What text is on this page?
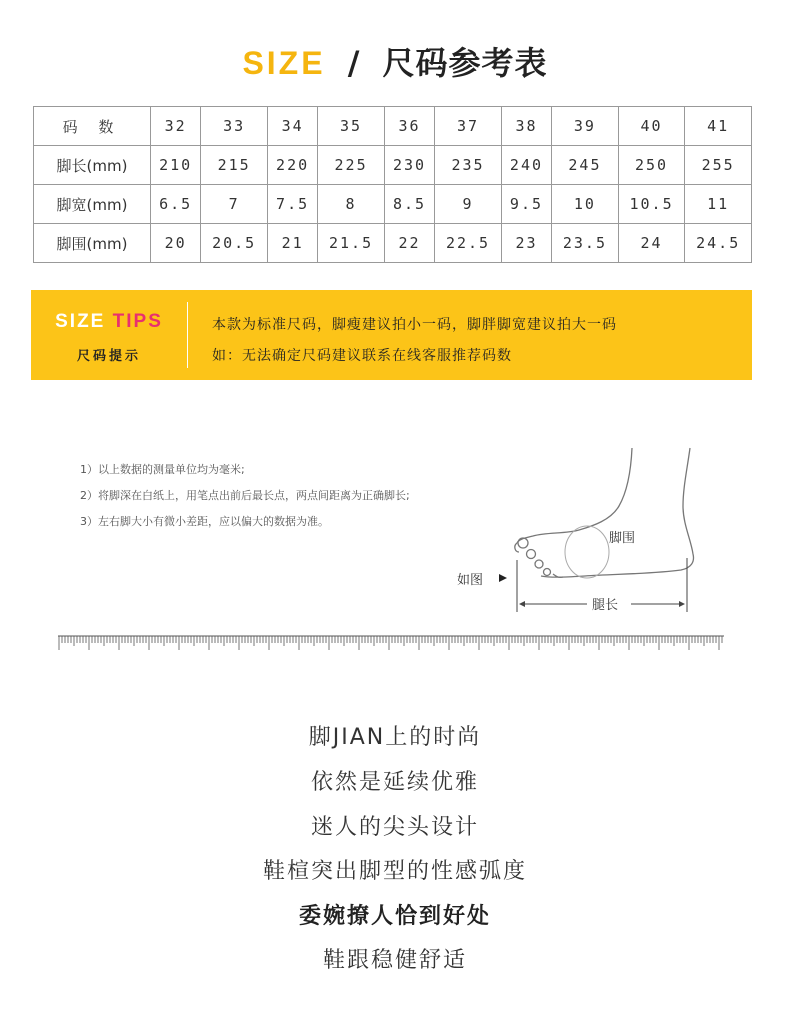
SIZE / 尺码参考表
码 数	32	33	34	35	36	37	38	39	40	41
脚长(mm)	210	215	220	225	230	235	240	245	250	255
脚宽(mm)	6.5	7	7.5	8	8.5	9	9.5	10	10.5	11
脚围(mm)	20	20.5	21	21.5	22	22.5	23	23.5	24	24.5
SIZE TIPS
尺码提示
本款为标准尺码，脚瘦建议拍小一码，脚胖脚宽建议拍大一码
如：无法确定尺码建议联系在线客服推荐码数
1）以上数据的测量单位均为毫米;
2）将脚深在白纸上，用笔点出前后最长点，两点间距离为正确脚长;
3）左右脚大小有微小差距，应以偏大的数据为准。
脚围
如图
腿长
脚JIAN上的时尚
依然是延续优雅
迷人的尖头设计
鞋楦突出脚型的性感弧度
委婉撩人恰到好处
鞋跟稳健舒适
